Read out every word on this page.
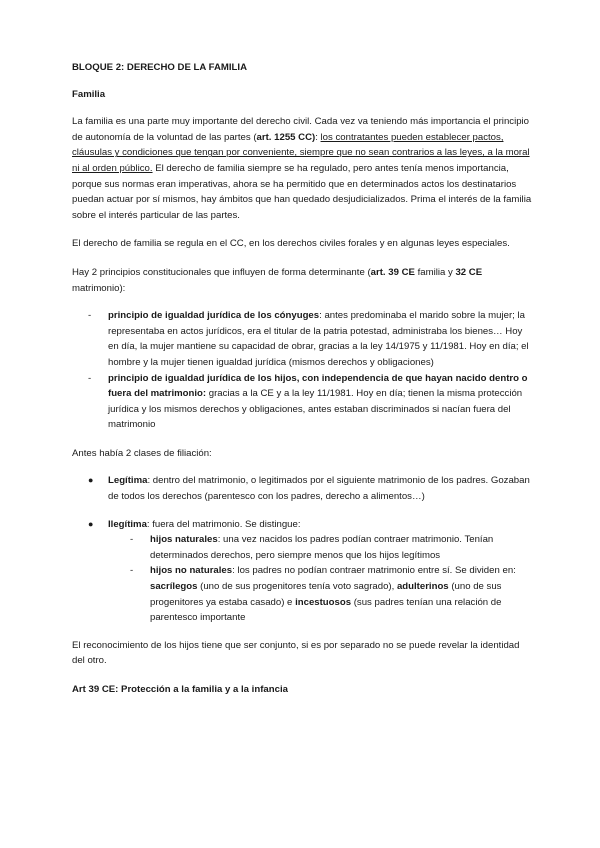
BLOQUE 2: DERECHO DE LA FAMILIA
Familia

La familia es una parte muy importante del derecho civil. Cada vez va teniendo más importancia el principio de autonomía de la voluntad de las partes (art. 1255 CC): los contratantes pueden establecer pactos, cláusulas y condiciones que tengan por conveniente, siempre que no sean contrarios a las leyes, a la moral ni al orden público. El derecho de familia siempre se ha regulado, pero antes tenía menos importancia, porque sus normas eran imperativas, ahora se ha permitido que en determinados actos los destinatarios puedan actuar por sí mismos, hay ámbitos que han quedado desjudicializados. Prima el interés de la familia sobre el interés particular de las partes.

El derecho de familia se regula en el CC, en los derechos civiles forales y en algunas leyes especiales.

Hay 2 principios constitucionales que influyen de forma determinante (art. 39 CE familia y 32 CE matrimonio):

- principio de igualdad jurídica de los cónyuges: antes predominaba el marido sobre la mujer; la representaba en actos jurídicos, era el titular de la patria potestad, administraba los bienes… Hoy en día, la mujer mantiene su capacidad de obrar, gracias a la ley 14/1975 y 11/1981. Hoy en día; el hombre y la mujer tienen igualdad jurídica (mismos derechos y obligaciones)
- principio de igualdad jurídica de los hijos, con independencia de que hayan nacido dentro o fuera del matrimonio: gracias a la CE y a la ley 11/1981. Hoy en día; tienen la misma protección jurídica y los mismos derechos y obligaciones, antes estaban discriminados si nacían fuera del matrimonio

Antes había 2 clases de filiación:

● Legítima: dentro del matrimonio, o legitimados por el siguiente matrimonio de los padres. Gozaban de todos los derechos (parentesco con los padres, derecho a alimentos…)
● Ilegítima: fuera del matrimonio. Se distingue:
- hijos naturales: una vez nacidos los padres podían contraer matrimonio. Tenían determinados derechos, pero siempre menos que los hijos legítimos
- hijos no naturales: los padres no podían contraer matrimonio entre sí. Se dividen en: sacrílegos (uno de sus progenitores tenía voto sagrado), adulterinos (uno de sus progenitores ya estaba casado) e incestuosos (sus padres tenían una relación de parentesco importante

El reconocimiento de los hijos tiene que ser conjunto, si es por separado no se puede revelar la identidad del otro.

Art 39 CE: Protección a la familia y a la infancia
